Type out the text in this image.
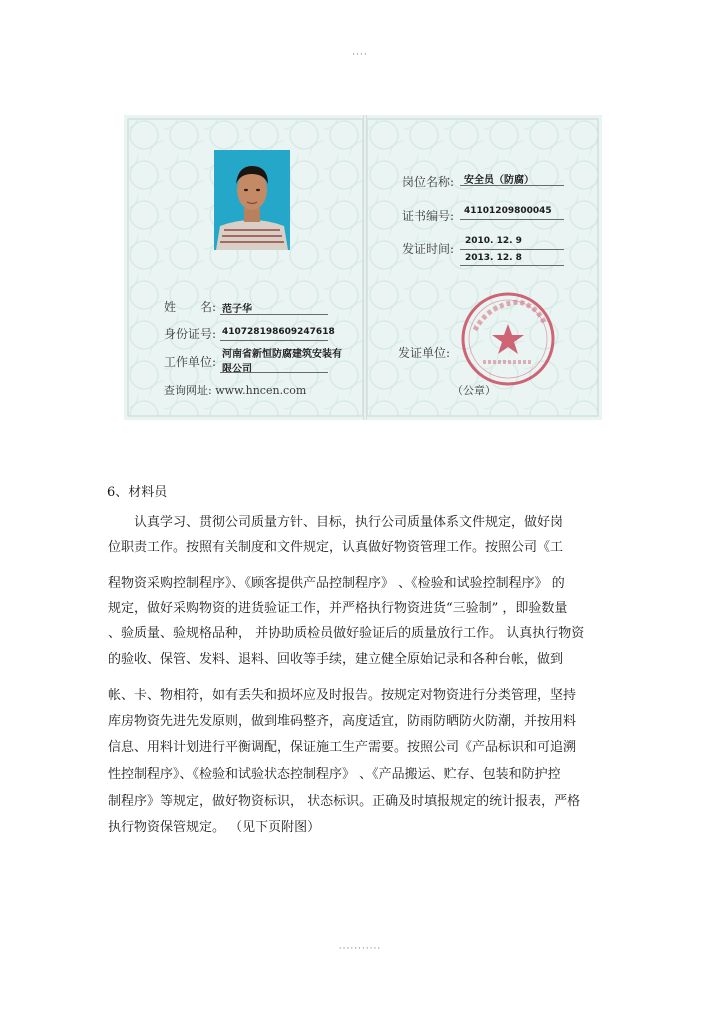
····
姓　　名: 范子华
身份证号: 410728198609247618
工作单位:
河南省新恒防腐建筑安装有
限公司
查询网址: www.hncen.com
岗位名称: 安全员（防腐）
证书编号: 41101209800045
发证时间:
2010. 12. 9
2013. 12. 8
发证单位:
（公章）
6、材料员
　　认真学习、贯彻公司质量方针、目标，执行公司质量体系文件规定，做好岗
位职责工作。按照有关制度和文件规定，认真做好物资管理工作。按照公司《工
程物资采购控制程序》、《顾客提供产品控制程序》 、《检验和试验控制程序》 的
规定，做好采购物资的进货验证工作，并严格执行物资进货“三验制” ，即验数量
、验质量、验规格品种， 并协助质检员做好验证后的质量放行工作。 认真执行物资
的验收、保管、发料、退料、回收等手续，建立健全原始记录和各种台帐，做到
帐、卡、物相符，如有丢失和损坏应及时报告。按规定对物资进行分类管理，坚持
库房物资先进先发原则，做到堆码整齐，高度适宜，防雨防晒防火防潮，并按用料
信息、用料计划进行平衡调配，保证施工生产需要。按照公司《产品标识和可追溯
性控制程序》、《检验和试验状态控制程序》 、《产品搬运、贮存、包装和防护控
制程序》等规定，做好物资标识， 状态标识。正确及时填报规定的统计报表，严格
执行物资保管规定。 （见下页附图）
···········
